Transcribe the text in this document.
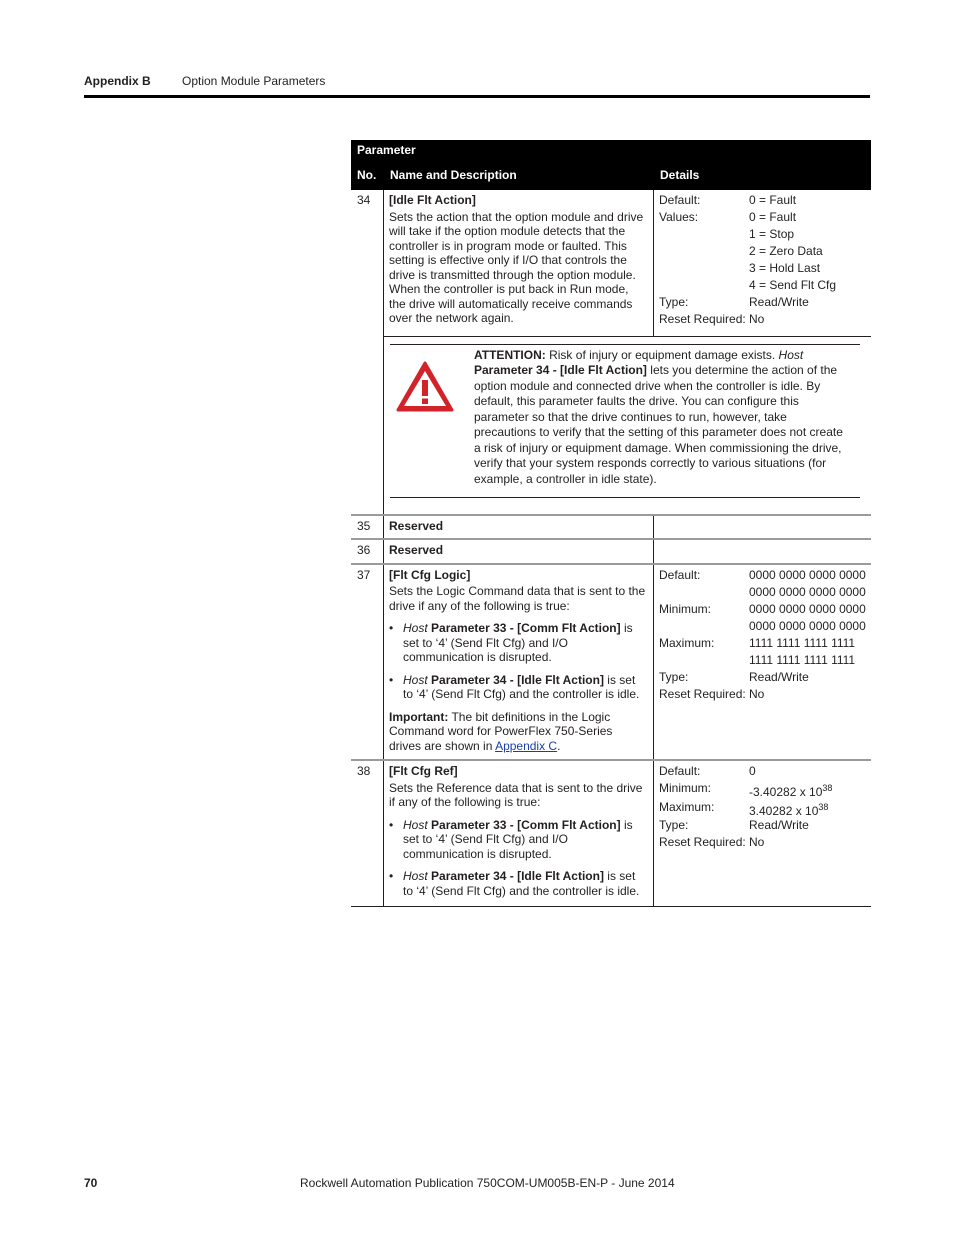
Appendix B	Option Module Parameters
Parameter
No. Name and Description	Details
34	[Idle Flt Action]
Sets the action that the option module and drive will take if the option module detects that the controller is in program mode or faulted. This setting is effective only if I/O that controls the drive is transmitted through the option module. When the controller is put back in Run mode, the drive will automatically receive commands over the network again.
Default:	0 = Fault
Values:	0 = Fault
1 = Stop
2 = Zero Data
3 = Hold Last
4 = Send Flt Cfg
Type:	Read/Write
Reset Required: No
ATTENTION: Risk of injury or equipment damage exists. Host Parameter 34 - [Idle Flt Action] lets you determine the action of the option module and connected drive when the controller is idle. By default, this parameter faults the drive. You can configure this parameter so that the drive continues to run, however, take precautions to verify that the setting of this parameter does not create a risk of injury or equipment damage. When commissioning the drive, verify that your system responds correctly to various situations (for example, a controller in idle state).
35	Reserved
36	Reserved
37	[Flt Cfg Logic]
Sets the Logic Command data that is sent to the drive if any of the following is true:
• Host Parameter 33 - [Comm Flt Action] is set to ‘4’ (Send Flt Cfg) and I/O communication is disrupted.
• Host Parameter 34 - [Idle Flt Action] is set to ‘4’ (Send Flt Cfg) and the controller is idle.
Important: The bit definitions in the Logic Command word for PowerFlex 750-Series drives are shown in Appendix C.
Default:	0000 0000 0000 0000
0000 0000 0000 0000
Minimum:	0000 0000 0000 0000
0000 0000 0000 0000
Maximum:	1111 1111 1111 1111
1111 1111 1111 1111
Type:	Read/Write
Reset Required: No
38	[Flt Cfg Ref]
Sets the Reference data that is sent to the drive if any of the following is true:
• Host Parameter 33 - [Comm Flt Action] is set to ‘4’ (Send Flt Cfg) and I/O communication is disrupted.
• Host Parameter 34 - [Idle Flt Action] is set to ‘4’ (Send Flt Cfg) and the controller is idle.
Default:	0
Minimum:	-3.40282 x $10^{38}$
Maximum:	3.40282 x $10^{38}$
Type:	Read/Write
Reset Required: No
70	Rockwell Automation Publication 750COM-UM005B-EN-P - June 2014
